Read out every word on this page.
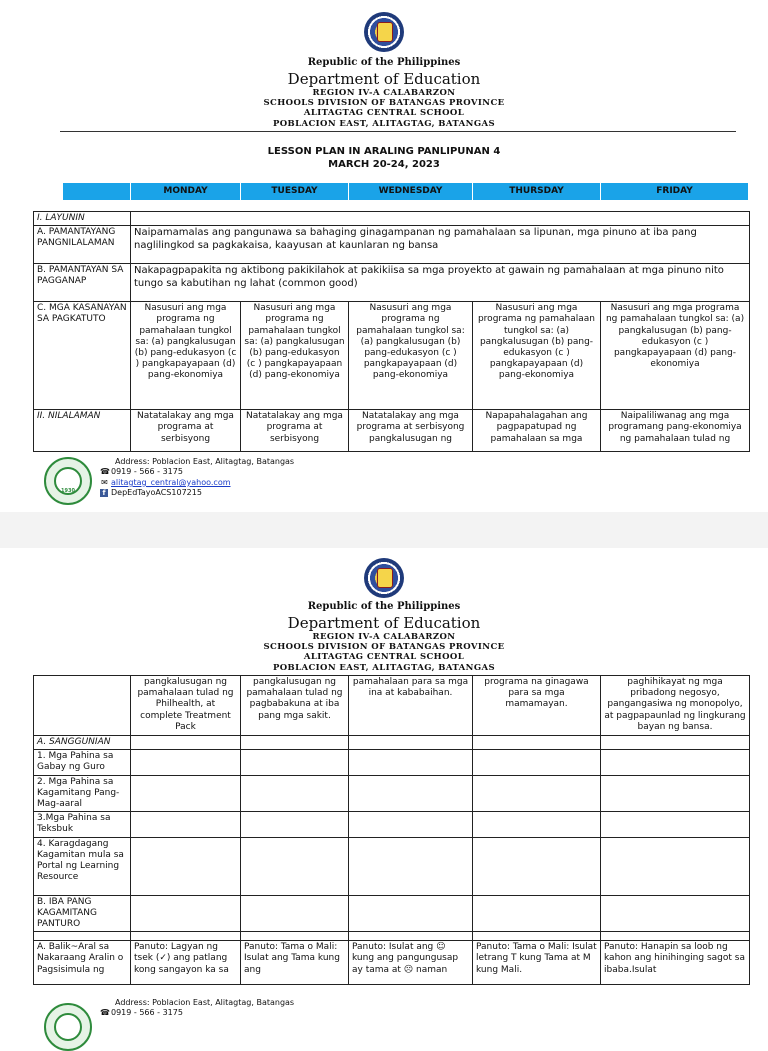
Republic of the Philippines
Department of Education
REGION IV-A CALABARZON
SCHOOLS DIVISION OF BATANGAS PROVINCE
ALITAGTAG CENTRAL SCHOOL
POBLACION EAST, ALITAGTAG, BATANGAS
LESSON PLAN IN ARALING PANLIPUNAN 4
MARCH 20-24, 2023
	MONDAY	TUESDAY	WEDNESDAY	THURSDAY	FRIDAY
I. LAYUNIN					
A. PAMANTAYANG PANGNILALAMAN	Naipamamalas ang pangunawa sa bahaging ginagampanan ng pamahalaan sa lipunan, mga pinuno at iba pang naglilingkod sa pagkakaisa, kaayusan at kaunlaran ng bansa				
B. PAMANTAYAN SA PAGGANAP	Nakapagpapakita ng aktibong pakikilahok at pakikiisa sa mga proyekto at gawain ng pamahalaan at mga pinuno nito tungo sa kabutihan ng lahat (common good)				
C. MGA KASANAYAN SA PAGKATUTO	Nasusuri ang mga programa ng pamahalaan tungkol sa: (a) pangkalusugan (b) pang-edukasyon (c ) pangkapayapaan (d) pang-ekonomiya	Nasusuri ang mga programa ng pamahalaan tungkol sa: (a) pangkalusugan (b) pang-edukasyon (c ) pangkapayapaan (d) pang-ekonomiya	Nasusuri ang mga programa ng pamahalaan tungkol sa: (a) pangkalusugan (b) pang-edukasyon (c ) pangkapayapaan (d) pang-ekonomiya	Nasusuri ang mga programa ng pamahalaan tungkol sa: (a) pangkalusugan (b) pang-edukasyon (c ) pangkapayapaan (d) pang-ekonomiya	Nasusuri ang mga programa ng pamahalaan tungkol sa: (a) pangkalusugan (b) pang-edukasyon (c ) pangkapayapaan (d) pang-ekonomiya
II. NILALAMAN	Natatalakay ang mga programa at serbisyong	Natatalakay ang mga programa at serbisyong	Natatalakay ang mga programa at serbisyong pangkalusugan ng	Napapahalagahan ang pagpapatupad ng pamahalaan sa mga	Naipaliliwanag ang mga programang pang-ekonomiya ng pamahalaan tulad ng
1930
Address: Poblacion East, Alitagtag, Batangas
☎0919 - 566 - 3175
✉ alitagtag_central@yahoo.com
f DepEdTayoACS107215
Republic of the Philippines
Department of Education
REGION IV-A CALABARZON
SCHOOLS DIVISION OF BATANGAS PROVINCE
ALITAGTAG CENTRAL SCHOOL
POBLACION EAST, ALITAGTAG, BATANGAS
	pangkalusugan ng pamahalaan tulad ng Philhealth, at complete Treatment Pack	pangkalusugan ng pamahalaan tulad ng pagbabakuna at iba pang mga sakit.	pamahalaan para sa mga ina at kababaihan.	programa na ginagawa para sa mga mamamayan.	paghihikayat ng mga pribadong negosyo, pangangasiwa ng monopolyo, at pagpapaunlad ng lingkurang bayan ng bansa.
A. SANGGUNIAN					
1. Mga Pahina sa Gabay ng Guro					
2. Mga Pahina sa Kagamitang Pang-Mag-aaral					
3.Mga Pahina sa Teksbuk					
4. Karagdagang Kagamitan mula sa Portal ng Learning Resource					
B. IBA PANG KAGAMITANG PANTURO					

A. Balik~Aral sa Nakaraang Aralin o Pagsisimula ng	Panuto: Lagyan ng tsek (✓) ang patlang kong sangayon ka sa	Panuto: Tama o Mali: Isulat ang Tama kung ang	Panuto: Isulat ang ☺ kung ang pangungusap ay tama at ☹ naman	Panuto: Tama o Mali: Isulat letrang T kung Tama at M kung Mali.	Panuto: Hanapin sa loob ng kahon ang hinihinging sagot sa ibaba.Isulat
Address: Poblacion East, Alitagtag, Batangas
☎0919 - 566 - 3175
